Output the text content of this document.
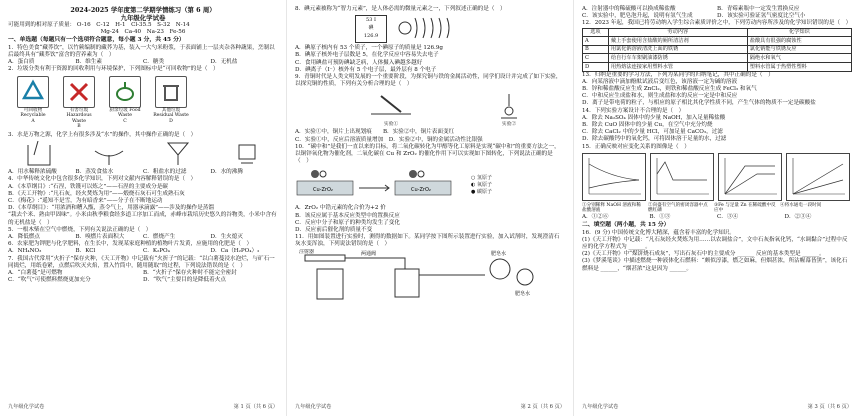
2024-2025 学年度第二学期学情练习（第 6 周）

九年级化学试卷

可能用到的相对原子质量： O-16　C-12　H-1　Cl-35.5　S-32　N-14

Mg-24　Ca-40　Na-23　Fe-56

一、单选题（每题只有一个选项符合题意，每小题 3 分，共 45 分）

1．特色美食“藏荞饮”，以竹蕨编制的藏荞为基，装入一大勺米粉浆，于表面铺上一层夹杂各种蔬果，烹制以后最终具有“藏荞饮”富含的营养素为（　）

A．蛋白质	B．维生素	C．糖类	D．无机盐

2．垃圾分类有利于资源的回收利用与环境保护，下列图标中是“可回收物”的是（　）

可回收物 Recyclable
A
有害垃圾 Hazardous Waste
B
厨余垃圾 Food Waste
C
其他垃圾 Residual Waste
D

3．水是万物之源，化学上有很多涉及“水”的操作，其中操作正确的是（　）

A．用水稀释浓硫酸	B．蒸发食盐水	C．粗盐水的过滤	D．水的沸腾

4．中华传统文化中包含很多化学知识，下列对文献内容解释错误的是（　）

A．《本草纲目》:“石涅，铁镬可以炼之”——石涅的主要成分是碳

B．《天工开物》:“凡石灰，经火焚炼为用”——煅烧石灰石可生成熟石灰

C．《梅花》:“遥知不是雪，为有暗香来”——分子在不断地运动

D．《本草纲目》：“用浓酒和糟入甑，蒸令气上，用器承滴露”——涉及的操作是蒸馏

“栽去个米、熟由甲固味”。小米由秋季粮食经多道工序加工而成，赤峰市栽培历史悠久的谷物类，小米中含有的无机盐是（　）

5．一根木柴在空气中燃烧，下列有关说法正确的是（　）

A．降低燃点	B．嗅燃片表面积大	C．燃烧产生	D．生火熄灭

6．农家肥为钾肥与化学肥料，在生长中，发现某家庭种植的植物叶片发黄，应施用的化肥是（　）

A．NH₄NO₃	B．KCl	C．K₂PO₄	D．Ca（H₂PO₄）₂

7．我国古代常用“火折子”保存火种，《天工开物》中记载有“火折子”的记载：“以白薯蔓浸水泡烂，与矿石一同捣烂，用纸卷紧，点燃后吹灭火焰，置入竹筒中，随用随取”的过程，下列说法错误的是（　）

A．“白薯蔓”是可燃物	B．“火折子”保存火种时不能完全密封
C．“吹气”可使燃料燃烧更加充分	D．“吹气”主要目的是降低着火点
九年级化学试卷	第 1 页（共 6 页）

8．碘元素被称为“智力元素”，是人体必需的微量元素之一，下列叙述正确的是（　）

53 I
碘
126.9

A．碘原子核内有 53 个质子，一个碘原子的质量是 126.9g

B．碘原子核外电子层数是 5，在化学反应中容易失去电子

C．食用碘盐可预防碘缺乏病，人体摄入碘越多越好

D．碘离子（I⁻）核外有 5 个电子层，最外层有 8 个电子

9．青铜时代是人类文明发展的一个重要阶段，为探究铜与铁的金属活动性，同学们设计并完成了如下实验，以探究铜的性质，下列有关分析合理的是（　）

实验①	实验②

A．实验①中，铜片上出现划痕　　B．实验②中，铜片表面变红

C．实验①中，反应后溶液质量增加　D．实验②中，铜的金属活动性比银强

10．“碳中和”是我们一直以来的目标，将二氧化碳转化为甲醇等化工原料是实现“碳中和”的重要方法之一，以铜锌氧化物为催化剂，二氧化碳在 Cu 和 ZrO₂ 的催化作用下可以实现如下图转化，下列说法正确的是（　）

Cu-ZrO₂	Cu-ZrO₂
○ 氢原子
◐ 氧原子
● 碳原子

A．ZrO₂ 中锆元素的化合价为+2 价

B．该反应属于基本反应类型中的置换反应

C．反应中分子和原子的种类均发生了变化

D．反应前后催化剂的质量不变

11．用如图装置进行实验时，测得的数据如下。某同学按下图所示装置进行实验，加入试剂时，发现澄清石灰水变浑浊，下列说法错误的是（　）

注射器	两通阀	肥皂水
肥皂水
九年级化学试卷	第 2 页（共 6 页）
A．注射器中的稀硫酸可以换成稀盐酸	B．青霉素瓶中一定发生置换反应
C．该实验中，肥皂泡升起，说明有氢气生成	D．该实验可验证氢气密度比空气小

12．2023 年起，我国已将劳动纳入学生综合素质评价之中，下列劳动内容所涉及的化学知识错误的是（　）

选项	劳动内容	化学知识
A	戴上手套使用含盐酸的厕所清洁剂	盐酸具有很强的腐蚀性
B	用氯化钠溶液清洗上面的铁锈	氯化钠能与铁锈反应
C	给自行车车架刷油漆防锈	隔绝水和氧气
D	用热熔法连接家用塑料水管	塑料水管属于热塑性塑料

13．归纳是重要的学习方法，下列为某同学的归纳笔记，其中正确的是（　）

A．向某溶液中滴加酚酞试液后变红色，该溶液一定为碱的溶液

B．锌和稀盐酸反应生成 ZnCl₂，则铁和稀盐酸反应生成 FeCl₃ 和氧气

C．中和反应生成盐和水，则生成盐和水的反应一定是中和反应

D．离子是带电荷的粒子，与相应的原子相比其化学性质不同，产生气体的物质不一定是碳酸盐

14．下列实验方案设计不合理的是（　）

A．除去 Na₂SO₄ 固体中的少量 NaOH，加入足量稀盐酸

B．除去 CuO 固体中的少量 Cu，在空气中充分灼烧

C．除去 CaCl₂ 中的少量 HCl，可加足量 CaCO₃，过滤

D．除去碳酸钙中的氧化钙，可将固体溶于足量的水，过滤

15．正确反映对应变化关系的图像是（　）

①分别稀释 NaOH 溶液和稀盐酸溶液
②向盛有空气的密闭容器中点燃红磷
③Fe 与足量 Zn 在稀硫酸中反应中
④将水通电一段时间
A．①②⑥	B．①③	C．③④	D．②③④

二、填空题（两小题，共 15 分）

16．(9 分) 中国传统文化博大精深，蕴含着丰富的化学知识。

(1)《天工开物》中记载：“凡石灰经火焚炼为用……以农调盐合”，文中石灰指氧化钙，“水调黏合”过程中反应的化学方程式为 ______。

(2)《天工开物》中“煤饼烧石成灰”，写出石灰石中的主要成分 ______ 反应的基本类型是 ______。

(3)《梦溪笔谈》中描述燃烧一种液体化石燃料：“颇似淳漆，燃之如麻，但烟甚浓，所沾幄幕皆黑”，该化石燃料是 ______，“烟甚浓”这是因为 ______。

九年级化学试卷	第 3 页（共 6 页）
